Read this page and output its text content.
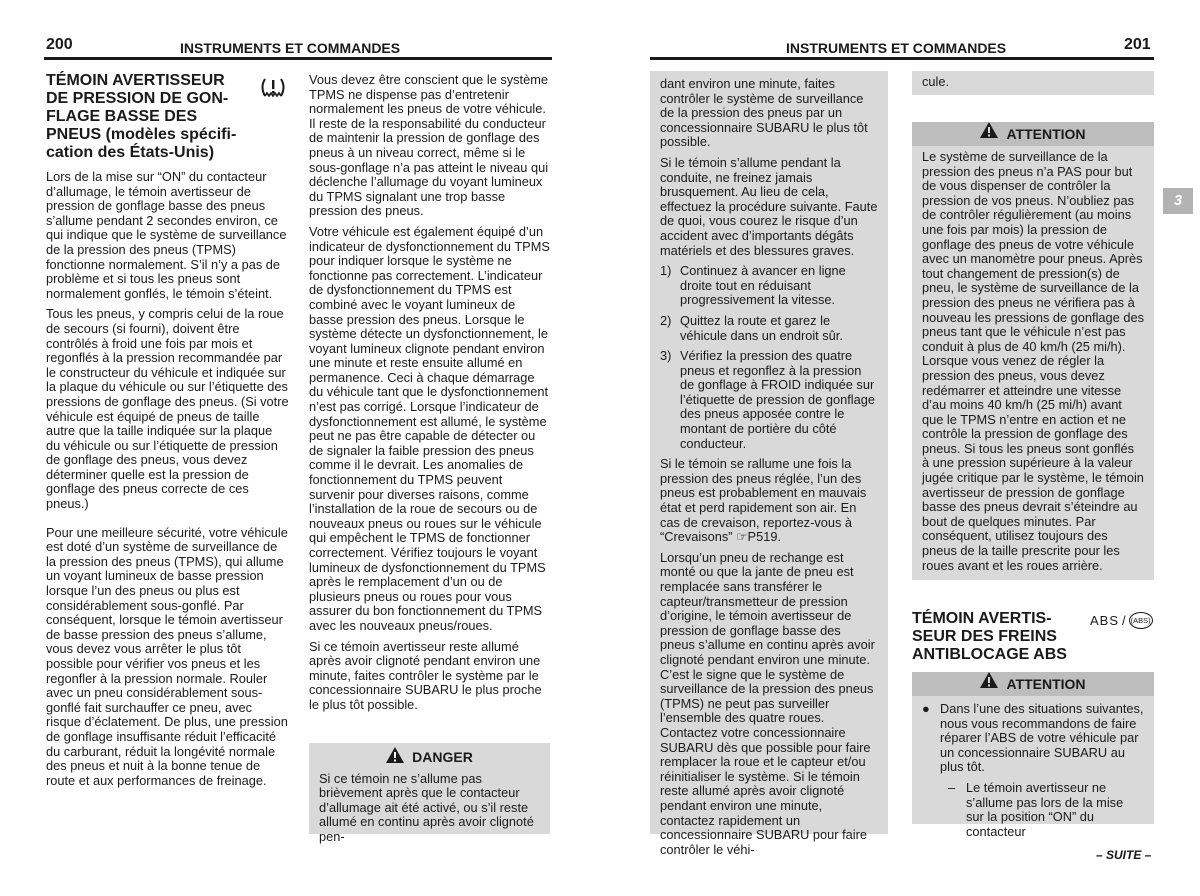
200	INSTRUMENTS ET COMMANDES	INSTRUMENTS ET COMMANDES	201
TÉMOIN AVERTISSEUR
DE PRESSION DE GON-
FLAGE BASSE DES
PNEUS (modèles spécifi-
cation des États-Unis)

Lors de la mise sur “ON” du contacteur d’allumage, le témoin avertisseur de pression de gonflage basse des pneus s’allume pendant 2 secondes environ, ce qui indique que le système de surveillance de la pression des pneus (TPMS) fonctionne normalement. S’il n’y a pas de problème et si tous les pneus sont normalement gonflés, le témoin s’éteint.

Tous les pneus, y compris celui de la roue de secours (si fourni), doivent être contrôlés à froid une fois par mois et regonflés à la pression recommandée par le constructeur du véhicule et indiquée sur la plaque du véhicule ou sur l’étiquette des pressions de gonflage des pneus. (Si votre véhicule est équipé de pneus de taille autre que la taille indiquée sur la plaque du véhicule ou sur l’étiquette de pression de gonflage des pneus, vous devez déterminer quelle est la pression de gonflage des pneus correcte de ces pneus.)

Pour une meilleure sécurité, votre véhicule est doté d’un système de surveillance de la pression des pneus (TPMS), qui allume un voyant lumineux de basse pression lorsque l’un des pneus ou plus est considérablement sous-gonflé. Par conséquent, lorsque le témoin avertisseur de basse pression des pneus s’allume, vous devez vous arrêter le plus tôt possible pour vérifier vos pneus et les regonfler à la pression normale. Rouler avec un pneu considérablement sous-gonflé fait surchauffer ce pneu, avec risque d’éclatement. De plus, une pression de gonflage insuffisante réduit l’efficacité du carburant, réduit la longévité normale des pneus et nuit à la bonne tenue de route et aux performances de freinage.

Vous devez être conscient que le système TPMS ne dispense pas d’entretenir normalement les pneus de votre véhicule. Il reste de la responsabilité du conducteur de maintenir la pression de gonflage des pneus à un niveau correct, même si le sous-gonflage n’a pas atteint le niveau qui déclenche l’allumage du voyant lumineux du TPMS signalant une trop basse pression des pneus.

Votre véhicule est également équipé d’un indicateur de dysfonctionnement du TPMS pour indiquer lorsque le système ne fonctionne pas correctement. L’indicateur de dysfonctionnement du TPMS est combiné avec le voyant lumineux de basse pression des pneus. Lorsque le système détecte un dysfonctionnement, le voyant lumineux clignote pendant environ une minute et reste ensuite allumé en permanence. Ceci à chaque démarrage du véhicule tant que le dysfonctionnement n’est pas corrigé. Lorsque l’indicateur de dysfonctionnement est allumé, le système peut ne pas être capable de détecter ou de signaler la faible pression des pneus comme il le devrait. Les anomalies de fonctionnement du TPMS peuvent survenir pour diverses raisons, comme l’installation de la roue de secours ou de nouveaux pneus ou roues sur le véhicule qui empêchent le TPMS de fonctionner correctement. Vérifiez toujours le voyant lumineux de dysfonctionnement du TPMS après le remplacement d’un ou de plusieurs pneus ou roues pour vous assurer du bon fonctionnement du TPMS avec les nouveaux pneus/roues.

Si ce témoin avertisseur reste allumé après avoir clignoté pendant environ une minute, faites contrôler le système par le concessionnaire SUBARU le plus proche le plus tôt possible.

DANGER
Si ce témoin ne s’allume pas brièvement après que le contacteur d’allumage ait été activé, ou s’il reste allumé en continu après avoir clignoté pen-

dant environ une minute, faites contrôler le système de surveillance de la pression des pneus par un concessionnaire SUBARU le plus tôt possible.

Si le témoin s’allume pendant la conduite, ne freinez jamais brusquement. Au lieu de cela, effectuez la procédure suivante. Faute de quoi, vous courez le risque d’un accident avec d’importants dégâts matériels et des blessures graves.

1) Continuez à avancer en ligne droite tout en réduisant progressivement la vitesse.
2) Quittez la route et garez le véhicule dans un endroit sûr.
3) Vérifiez la pression des quatre pneus et regonflez à la pression de gonflage à FROID indiquée sur l’étiquette de pression de gonflage des pneus apposée contre le montant de portière du côté conducteur.

Si le témoin se rallume une fois la pression des pneus réglée, l’un des pneus est probablement en mauvais état et perd rapidement son air. En cas de crevaison, reportez-vous à “Crevaisons” ☞P519.

Lorsqu’un pneu de rechange est monté ou que la jante de pneu est remplacée sans transférer le capteur/transmetteur de pression d’origine, le témoin avertisseur de pression de gonflage basse des pneus s’allume en continu après avoir clignoté pendant environ une minute. C’est le signe que le système de surveillance de la pression des pneus (TPMS) ne peut pas surveiller l’ensemble des quatre roues. Contactez votre concessionnaire SUBARU dès que possible pour faire remplacer la roue et le capteur et/ou réinitialiser le système. Si le témoin reste allumé après avoir clignoté pendant environ une minute, contactez rapidement un concessionnaire SUBARU pour faire contrôler le véhi-

cule.
ATTENTION
Le système de surveillance de la pression des pneus n’a PAS pour but de vous dispenser de contrôler la pression de vos pneus. N’oubliez pas de contrôler régulièrement (au moins une fois par mois) la pression de gonflage des pneus de votre véhicule avec un manomètre pour pneus. Après tout changement de pression(s) de pneu, le système de surveillance de la pression des pneus ne vérifiera pas à nouveau les pressions de gonflage des pneus tant que le véhicule n’est pas conduit à plus de 40 km/h (25 mi/h). Lorsque vous venez de régler la pression des pneus, vous devez redémarrer et atteindre une vitesse d’au moins 40 km/h (25 mi/h) avant que le TPMS n’entre en action et ne contrôle la pression de gonflage des pneus. Si tous les pneus sont gonflés à une pression supérieure à la valeur jugée critique par le système, le témoin avertisseur de pression de gonflage basse des pneus devrait s’éteindre au bout de quelques minutes. Par conséquent, utilisez toujours des pneus de la taille prescrite pour les roues avant et les roues arrière.
TÉMOIN AVERTIS-
SEUR DES FREINS
ANTIBLOCAGE ABS
ABS / (ABS)
ATTENTION
● Dans l’une des situations suivantes, nous vous recommandons de faire réparer l’ABS de votre véhicule par un concessionnaire SUBARU au plus tôt.
– Le témoin avertisseur ne s’allume pas lors de la mise sur la position “ON” du contacteur
3
– SUITE –
